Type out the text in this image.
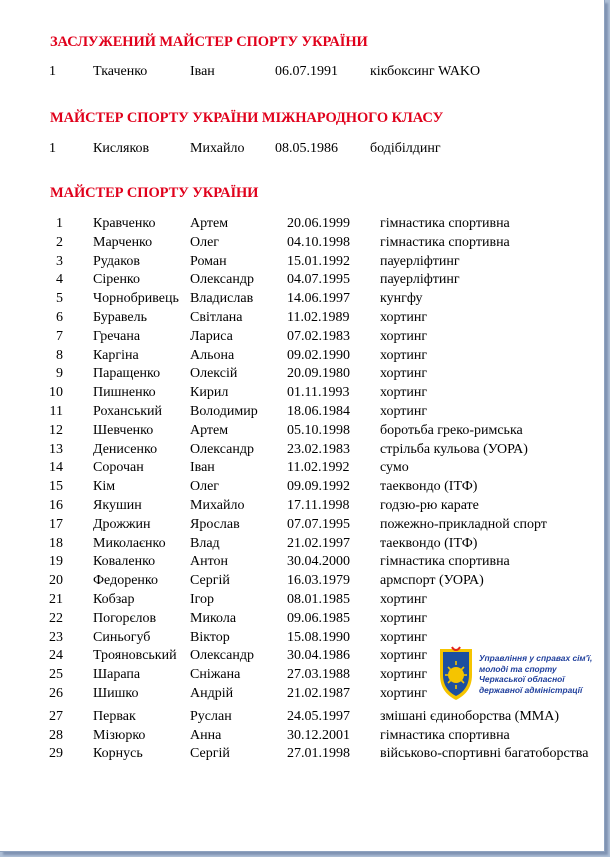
ЗАСЛУЖЕНИЙ МАЙСТЕР СПОРТУ УКРАЇНИ
1	Ткаченко	Іван	06.07.1991 кікбоксинг WAKO
МАЙСТЕР СПОРТУ УКРАЇНИ МІЖНАРОДНОГО КЛАСУ
1	Кисляков	Михайло 08.05.1986 бодібілдинг
МАЙСТЕР СПОРТУ УКРАЇНИ
1 Кравченко Артем	20.06.1999 гімнастика спортивна
2 Марченко	Олег	04.10.1998 гімнастика спортивна
3 Рудаков	Роман	15.01.1992 пауерліфтинг
4 Сіренко	Олександр 04.07.1995 пауерліфтинг
5 Чорнобривець Владислав 14.06.1997 кунгфу
6 Буравель	Світлана	11.02.1989 хортинг
7 Гречана	Лариса	07.02.1983 хортинг
8 Каргіна	Альона	09.02.1990 хортинг
9 Паращенко Олексій	20.09.1980 хортинг
10 Пишненко Кирил	01.11.1993 хортинг
11 Роханський Володимир 18.06.1984 хортинг
12 Шевченко	Артем	05.10.1998 боротьба греко-римська
13 Денисенко Олександр 23.02.1983 стрільба кульова (УОРА)
14 Сорочан	Іван	11.02.1992 сумо
15 Кім	Олег	09.09.1992 таеквондо (ІТФ)
16 Якушин	Михайло	17.11.1998 годзю-рю карате
17 Дрожжин	Ярослав	07.07.1995 пожежно-прикладной спорт
18 Миколаєнко Влад	21.02.1997 таеквондо (ІТФ)
19 Коваленко Антон	30.04.2000 гімнастика спортивна
20 Федоренко Сергій	16.03.1979 армспорт (УОРА)
21 Кобзар	Ігор	08.01.1985 хортинг
22 Погорєлов Микола	09.06.1985 хортинг
23 Синьогуб	Віктор	15.08.1990 хортинг
24 Трояновський Олександр 30.04.1986 хортинг
25 Шарапа	Сніжана	27.03.1988 хортинг
26 Шишко	Андрій	21.02.1987 хортинг
27 Первак	Руслан	24.05.1997 змішані єдиноборства (ММА)
28 Мізюрко	Анна	30.12.2001 гімнастика спортивна
29 Корнусь	Сергій	27.01.1998 військово-спортивні багатоборства
Управління у справах сім'ї,
молоді та спорту
Черкаської обласної
державної адміністрації
